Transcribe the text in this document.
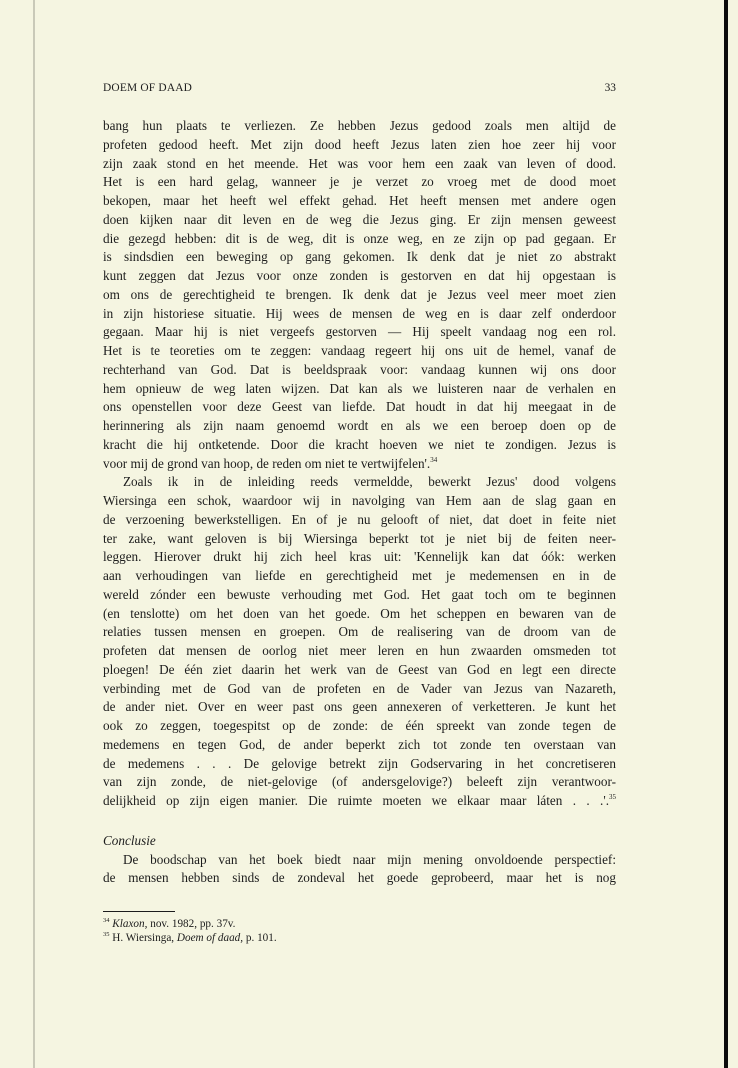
DOEM OF DAAD	33
bang hun plaats te verliezen. Ze hebben Jezus gedood zoals men altijd de
profeten gedood heeft. Met zijn dood heeft Jezus laten zien hoe zeer hij voor
zijn zaak stond en het meende. Het was voor hem een zaak van leven of dood.
Het is een hard gelag, wanneer je je verzet zo vroeg met de dood moet
bekopen, maar het heeft wel effekt gehad. Het heeft mensen met andere ogen
doen kijken naar dit leven en de weg die Jezus ging. Er zijn mensen geweest
die gezegd hebben: dit is de weg, dit is onze weg, en ze zijn op pad gegaan. Er
is sindsdien een beweging op gang gekomen. Ik denk dat je niet zo abstrakt
kunt zeggen dat Jezus voor onze zonden is gestorven en dat hij opgestaan is
om ons de gerechtigheid te brengen. Ik denk dat je Jezus veel meer moet zien
in zijn historiese situatie. Hij wees de mensen de weg en is daar zelf onderdoor
gegaan. Maar hij is niet vergeefs gestorven — Hij speelt vandaag nog een rol.
Het is te teoreties om te zeggen: vandaag regeert hij ons uit de hemel, vanaf de
rechterhand van God. Dat is beeldspraak voor: vandaag kunnen wij ons door
hem opnieuw de weg laten wijzen. Dat kan als we luisteren naar de verhalen en
ons openstellen voor deze Geest van liefde. Dat houdt in dat hij meegaat in de
herinnering als zijn naam genoemd wordt en als we een beroep doen op de
kracht die hij ontketende. Door die kracht hoeven we niet te zondigen. Jezus is
voor mij de grond van hoop, de reden om niet te vertwijfelen'.$^{34}$
Zoals ik in de inleiding reeds vermeldde, bewerkt Jezus' dood volgens
Wiersinga een schok, waardoor wij in navolging van Hem aan de slag gaan en
de verzoening bewerkstelligen. En of je nu gelooft of niet, dat doet in feite niet
ter zake, want geloven is bij Wiersinga beperkt tot je niet bij de feiten neer-
leggen. Hierover drukt hij zich heel kras uit: 'Kennelijk kan dat óók: werken
aan verhoudingen van liefde en gerechtigheid met je medemensen en in de
wereld zónder een bewuste verhouding met God. Het gaat toch om te beginnen
(en tenslotte) om het doen van het goede. Om het scheppen en bewaren van de
relaties tussen mensen en groepen. Om de realisering van de droom van de
profeten dat mensen de oorlog niet meer leren en hun zwaarden omsmeden tot
ploegen! De één ziet daarin het werk van de Geest van God en legt een directe
verbinding met de God van de profeten en de Vader van Jezus van Nazareth,
de ander niet. Over en weer past ons geen annexeren of verketteren. Je kunt het
ook zo zeggen, toegespitst op de zonde: de één spreekt van zonde tegen de
medemens en tegen God, de ander beperkt zich tot zonde ten overstaan van
de medemens . . . De gelovige betrekt zijn Godservaring in het concretiseren
van zijn zonde, de niet-gelovige (of andersgelovige?) beleeft zijn verantwoor-
delijkheid op zijn eigen manier. Die ruimte moeten we elkaar maar láten . . .'.$^{35}$
Conclusie
De boodschap van het boek biedt naar mijn mening onvoldoende perspectief:
de mensen hebben sinds de zondeval het goede geprobeerd, maar het is nog
$^{34}$ Klaxon, nov. 1982, pp. 37v.
$^{35}$ H. Wiersinga, Doem of daad, p. 101.
